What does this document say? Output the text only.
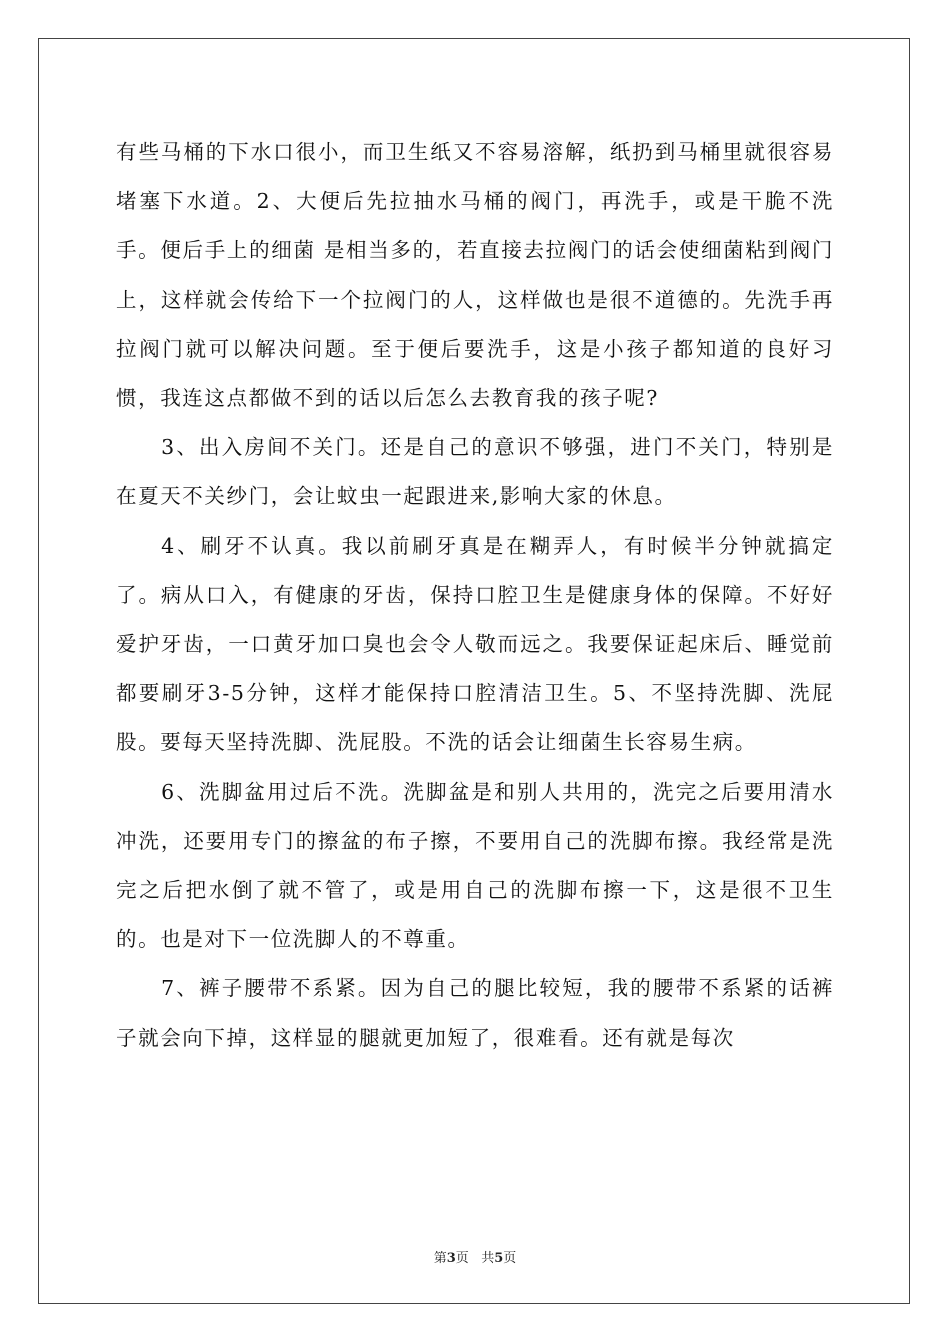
有些马桶的下水口很小，而卫生纸又不容易溶解，纸扔到马桶里就很容易堵塞下水道。2、大便后先拉抽水马桶的阀门，再洗手，或是干脆不洗手。便后手上的细菌 是相当多的，若直接去拉阀门的话会使细菌粘到阀门上，这样就会传给下一个拉阀门的人，这样做也是很不道德的。先洗手再拉阀门就可以解决问题。至于便后要洗手，这是小孩子都知道的良好习惯，我连这点都做不到的话以后怎么去教育我的孩子呢?

3、出入房间不关门。还是自己的意识不够强，进门不关门，特别是在夏天不关纱门，会让蚊虫一起跟进来,影响大家的休息。

4、刷牙不认真。我以前刷牙真是在糊弄人，有时候半分钟就搞定了。病从口入，有健康的牙齿，保持口腔卫生是健康身体的保障。不好好爱护牙齿，一口黄牙加口臭也会令人敬而远之。我要保证起床后、睡觉前都要刷牙3-5分钟，这样才能保持口腔清洁卫生。5、不坚持洗脚、洗屁股。要每天坚持洗脚、洗屁股。不洗的话会让细菌生长容易生病。

6、洗脚盆用过后不洗。洗脚盆是和别人共用的，洗完之后要用清水冲洗，还要用专门的擦盆的布子擦，不要用自己的洗脚布擦。我经常是洗完之后把水倒了就不管了，或是用自己的洗脚布擦一下，这是很不卫生的。也是对下一位洗脚人的不尊重。

7、裤子腰带不系紧。因为自己的腿比较短，我的腰带不系紧的话裤子就会向下掉，这样显的腿就更加短了，很难看。还有就是每次

第3页 共5页
